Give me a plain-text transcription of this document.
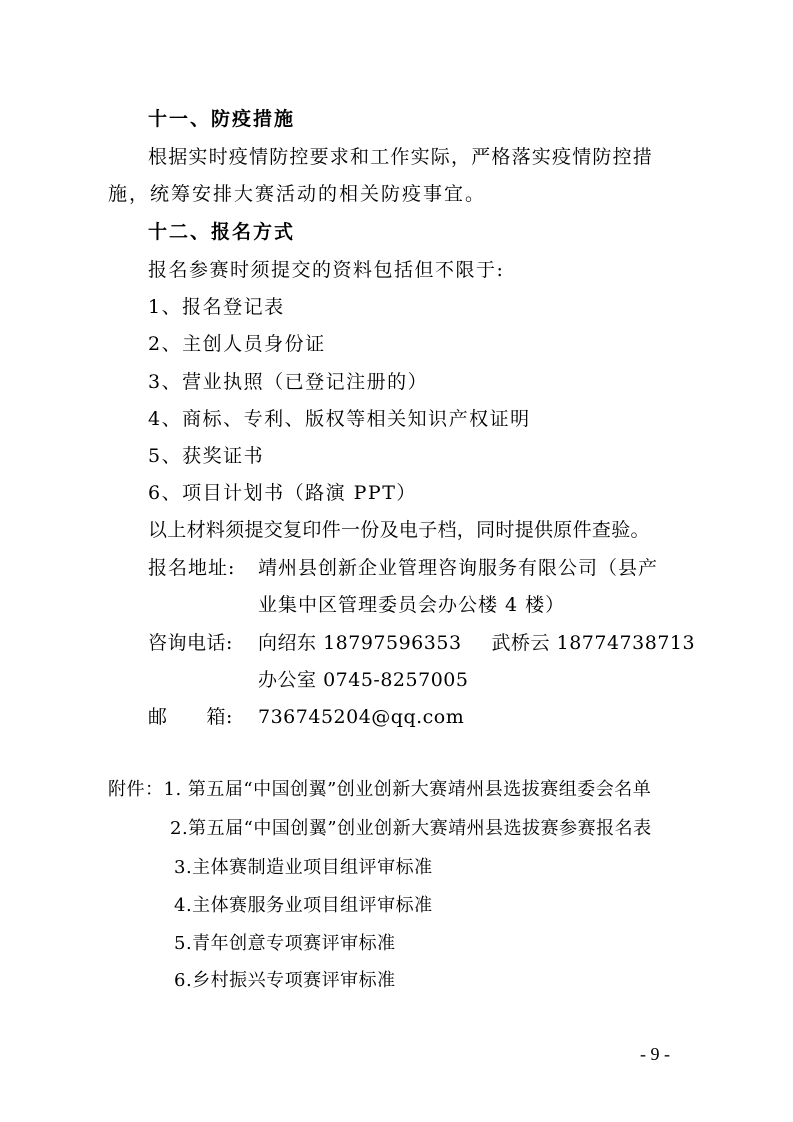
十一、防疫措施
根据实时疫情防控要求和工作实际，严格落实疫情防控措
施，统筹安排大赛活动的相关防疫事宜。
十二、报名方式
报名参赛时须提交的资料包括但不限于:
1、报名登记表
2、主创人员身份证
3、营业执照（已登记注册的）
4、商标、专利、版权等相关知识产权证明
5、获奖证书
6、项目计划书（路演 PPT）
以上材料须提交复印件一份及电子档，同时提供原件查验。
报名地址: 靖州县创新企业管理咨询服务有限公司（县产
业集中区管理委员会办公楼 4 楼）
咨询电话: 向绍东 18797596353 武桥云 18774738713
办公室 0745-8257005
邮　　箱: 736745204@qq.com
附件：1. 第五届“中国创翼”创业创新大赛靖州县选拔赛组委会名单
2.第五届“中国创翼”创业创新大赛靖州县选拔赛参赛报名表
3.主体赛制造业项目组评审标准
4.主体赛服务业项目组评审标准
5.青年创意专项赛评审标准
6.乡村振兴专项赛评审标准
- 9 -
